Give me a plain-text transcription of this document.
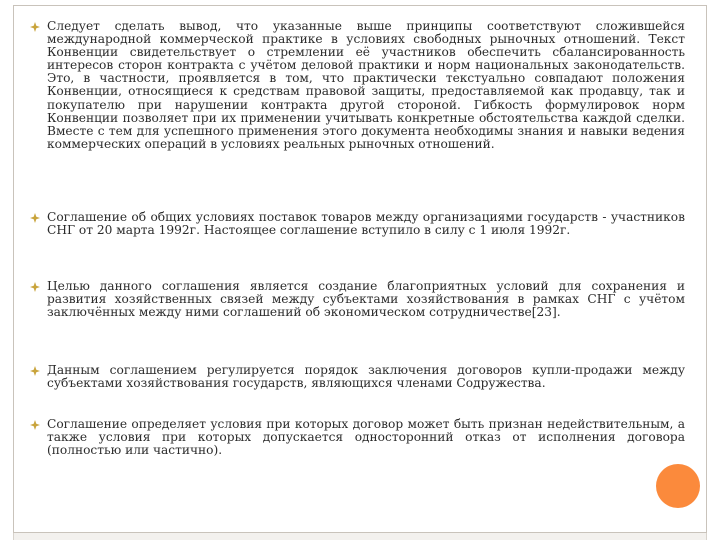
Следует сделать вывод, что указанные выше принципы соответствуют сложившейся международной коммерческой практике в условиях свободных рыночных отношений. Текст Конвенции свидетельствует о стремлении её участников обеспечить сбалансированность интересов сторон контракта с учётом деловой практики и норм национальных законодательств. Это, в частности, проявляется в том, что практически текстуально совпадают положения Конвенции, относящиеся к средствам правовой защиты, предоставляемой как продавцу, так и покупателю при нарушении контракта другой стороной. Гибкость формулировок норм Конвенции позволяет при их применении учитывать конкретные обстоятельства каждой сделки. Вместе с тем для успешного применения этого документа необходимы знания и навыки ведения коммерческих операций в условиях реальных рыночных отношений.

Соглашение об общих условиях поставок товаров между организациями государств - участников СНГ от 20 марта 1992г. Настоящее соглашение вступило в силу с 1 июля 1992г.

Целью данного соглашения является создание благоприятных условий для сохранения и развития хозяйственных связей между субъектами хозяйствования в рамках СНГ с учётом заключённых между ними соглашений об экономическом сотрудничестве[23].

Данным соглашением регулируется порядок заключения договоров купли-продажи между субъектами хозяйствования государств, являющихся членами Содружества.

Соглашение определяет условия при которых договор может быть признан недействительным, а также условия при которых допускается односторонний отказ от исполнения договора (полностью или частично).
